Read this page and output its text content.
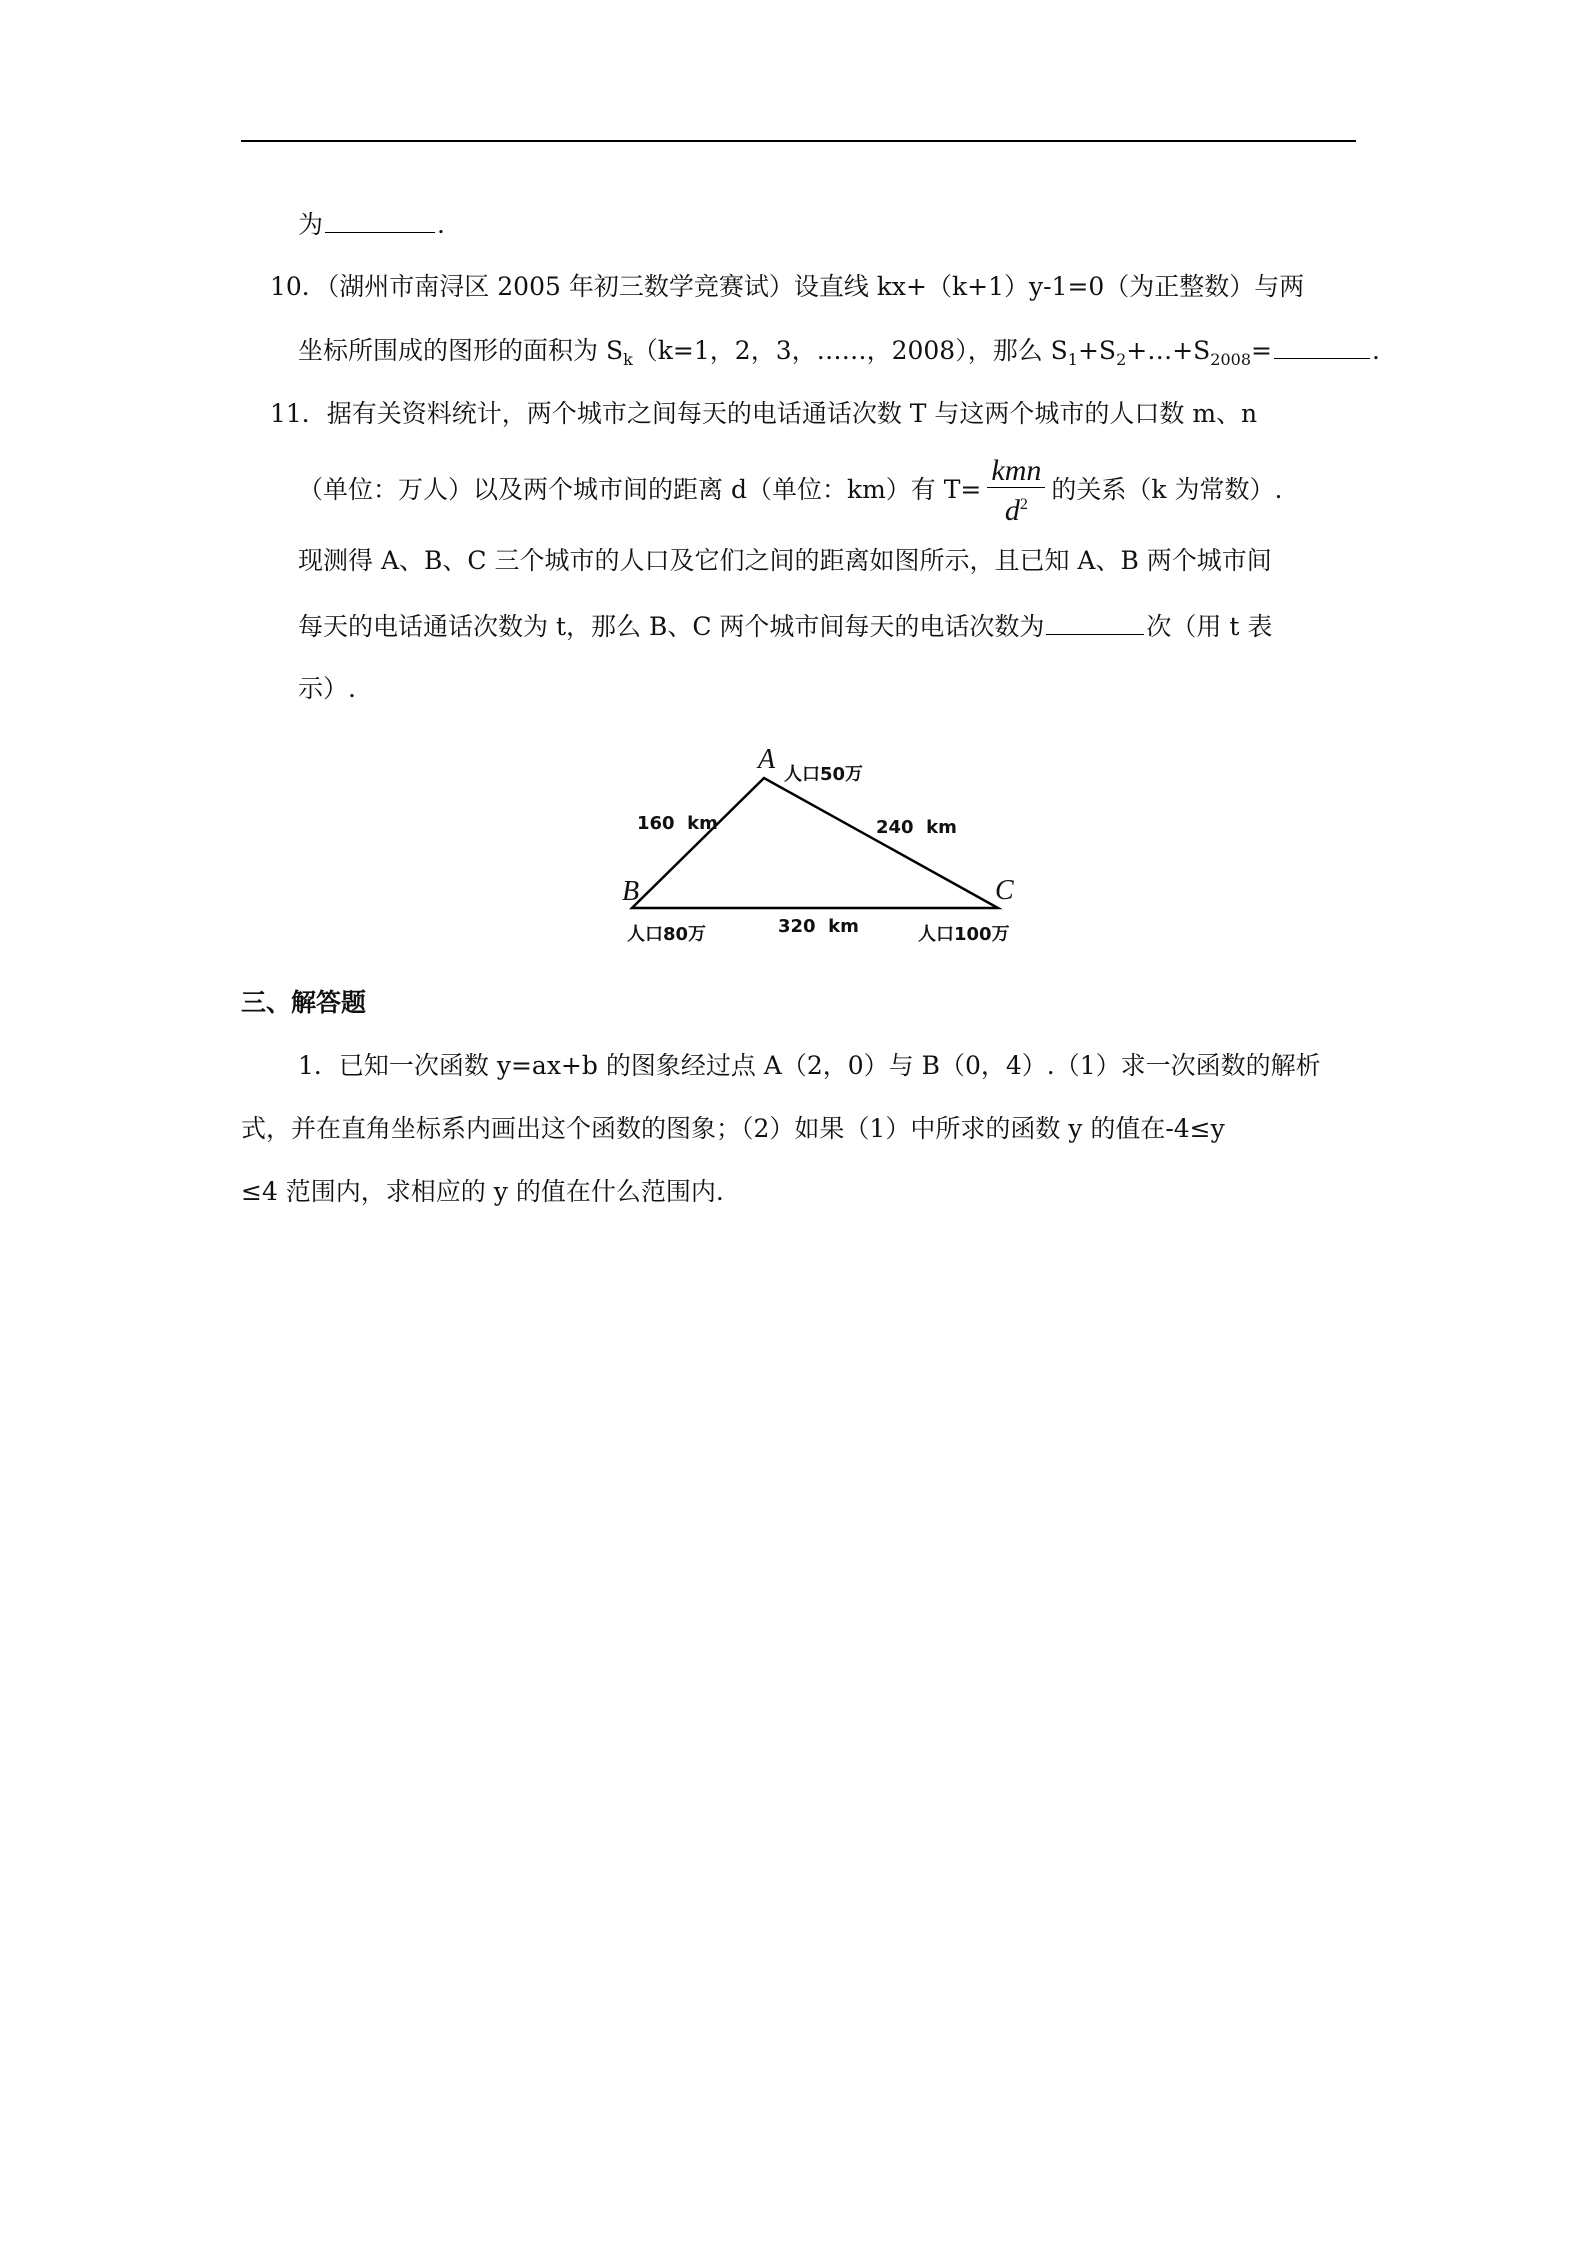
为	.
10．（湖州市南浔区 2005 年初三数学竞赛试）设直线 kx+（k+1）y-1=0（为正整数）与两
坐标所围成的图形的面积为 $S_k(k=1$，2，3，……，2008），那么 $S_1+S_2+\dots+S_{2008}=$	.
11．据有关资料统计，两个城市之间每天的电话通话次数 T 与这两个城市的人口数 m、n
（单位：万人）以及两个城市间的距离 d（单位：km）有 $T= \frac{\text{kmn}}{d^2}$ 的关系（k 为常数）.
现测得 A、B、C 三个城市的人口及它们之间的距离如图所示，且已知 A、B 两个城市间
每天的电话通话次数为 t，那么 B、C 两个城市间每天的电话次数为	次（用 t 表
示）.
A
B	C
人口50万
人口80万	人口100万
160  km	240  km
320  km
三、解答题
1．已知一次函数 y=ax+b 的图象经过点 A（2，0）与 B（0，4）.（1）求一次函数的解析
式，并在直角坐标系内画出这个函数的图象；（2）如果（1）中所求的函数 y 的值在-4≤y
≤4 范围内，求相应的 y 的值在什么范围内.
